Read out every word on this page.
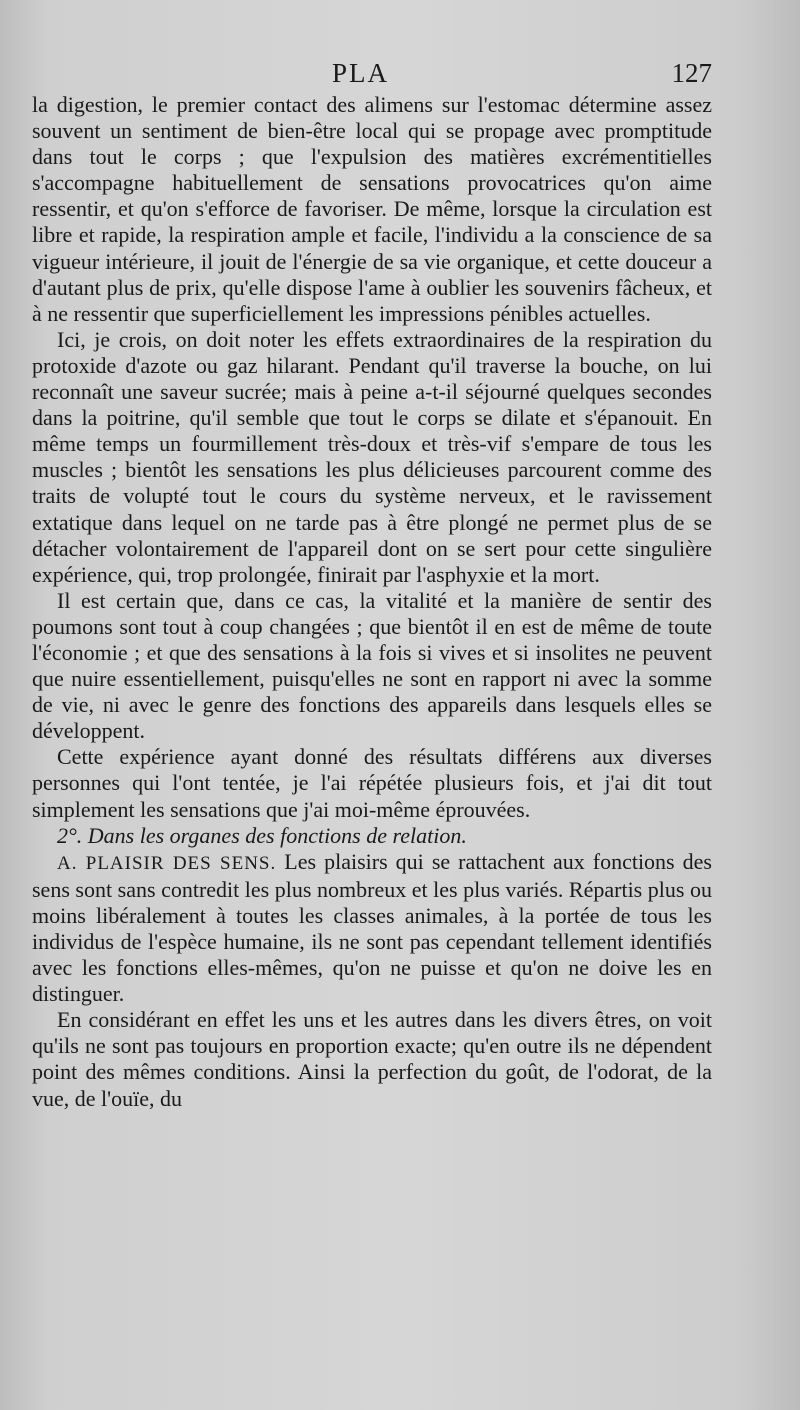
PLA	127

la digestion, le premier contact des alimens sur l'estomac détermine assez souvent un sentiment de bien-être local qui se propage avec promptitude dans tout le corps ; que l'expulsion des matières excrémentitielles s'accompagne habituellement de sensations provocatrices qu'on aime ressentir, et qu'on s'efforce de favoriser. De même, lorsque la circulation est libre et rapide, la respiration ample et facile, l'individu a la conscience de sa vigueur intérieure, il jouit de l'énergie de sa vie organique, et cette douceur a d'autant plus de prix, qu'elle dispose l'ame à oublier les souvenirs fâcheux, et à ne ressentir que superficiellement les impressions pénibles actuelles.

Ici, je crois, on doit noter les effets extraordinaires de la respiration du protoxide d'azote ou gaz hilarant. Pendant qu'il traverse la bouche, on lui reconnaît une saveur sucrée; mais à peine a-t-il séjourné quelques secondes dans la poitrine, qu'il semble que tout le corps se dilate et s'épanouit. En même temps un fourmillement très-doux et très-vif s'empare de tous les muscles ; bientôt les sensations les plus délicieuses parcourent comme des traits de volupté tout le cours du système nerveux, et le ravissement extatique dans lequel on ne tarde pas à être plongé ne permet plus de se détacher volontairement de l'appareil dont on se sert pour cette singulière expérience, qui, trop prolongée, finirait par l'asphyxie et la mort.

Il est certain que, dans ce cas, la vitalité et la manière de sentir des poumons sont tout à coup changées ; que bientôt il en est de même de toute l'économie ; et que des sensations à la fois si vives et si insolites ne peuvent que nuire essentiellement, puisqu'elles ne sont en rapport ni avec la somme de vie, ni avec le genre des fonctions des appareils dans lesquels elles se développent.

Cette expérience ayant donné des résultats différens aux diverses personnes qui l'ont tentée, je l'ai répétée plusieurs fois, et j'ai dit tout simplement les sensations que j'ai moi-même éprouvées.

2°. Dans les organes des fonctions de relation.

A. PLAISIR DES SENS. Les plaisirs qui se rattachent aux fonctions des sens sont sans contredit les plus nombreux et les plus variés. Répartis plus ou moins libéralement à toutes les classes animales, à la portée de tous les individus de l'espèce humaine, ils ne sont pas cependant tellement identifiés avec les fonctions elles-mêmes, qu'on ne puisse et qu'on ne doive les en distinguer.

En considérant en effet les uns et les autres dans les divers êtres, on voit qu'ils ne sont pas toujours en proportion exacte; qu'en outre ils ne dépendent point des mêmes conditions. Ainsi la perfection du goût, de l'odorat, de la vue, de l'ouïe, du
